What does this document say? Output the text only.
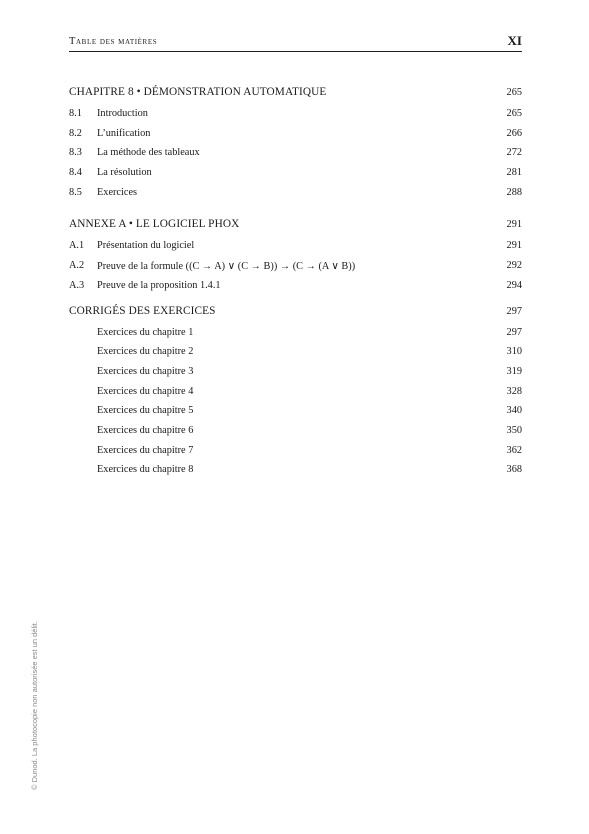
Table des matières	XI
CHAPITRE 8 • DÉMONSTRATION AUTOMATIQUE	265
8.1 Introduction	265
8.2 L’unification	266
8.3 La méthode des tableaux	272
8.4 La résolution	281
8.5 Exercices	288
ANNEXE A • LE LOGICIEL PHOX	291
A.1 Présentation du logiciel	291
A.2 Preuve de la formule ((C → A) ∨ (C → B)) → (C → (A ∨ B))	292
A.3 Preuve de la proposition 1.4.1	294
CORRIGÉS DES EXERCICES	297
Exercices du chapitre 1	297
Exercices du chapitre 2	310
Exercices du chapitre 3	319
Exercices du chapitre 4	328
Exercices du chapitre 5	340
Exercices du chapitre 6	350
Exercices du chapitre 7	362
Exercices du chapitre 8	368
© Dunod. La photocopie non autorisée est un délit.
